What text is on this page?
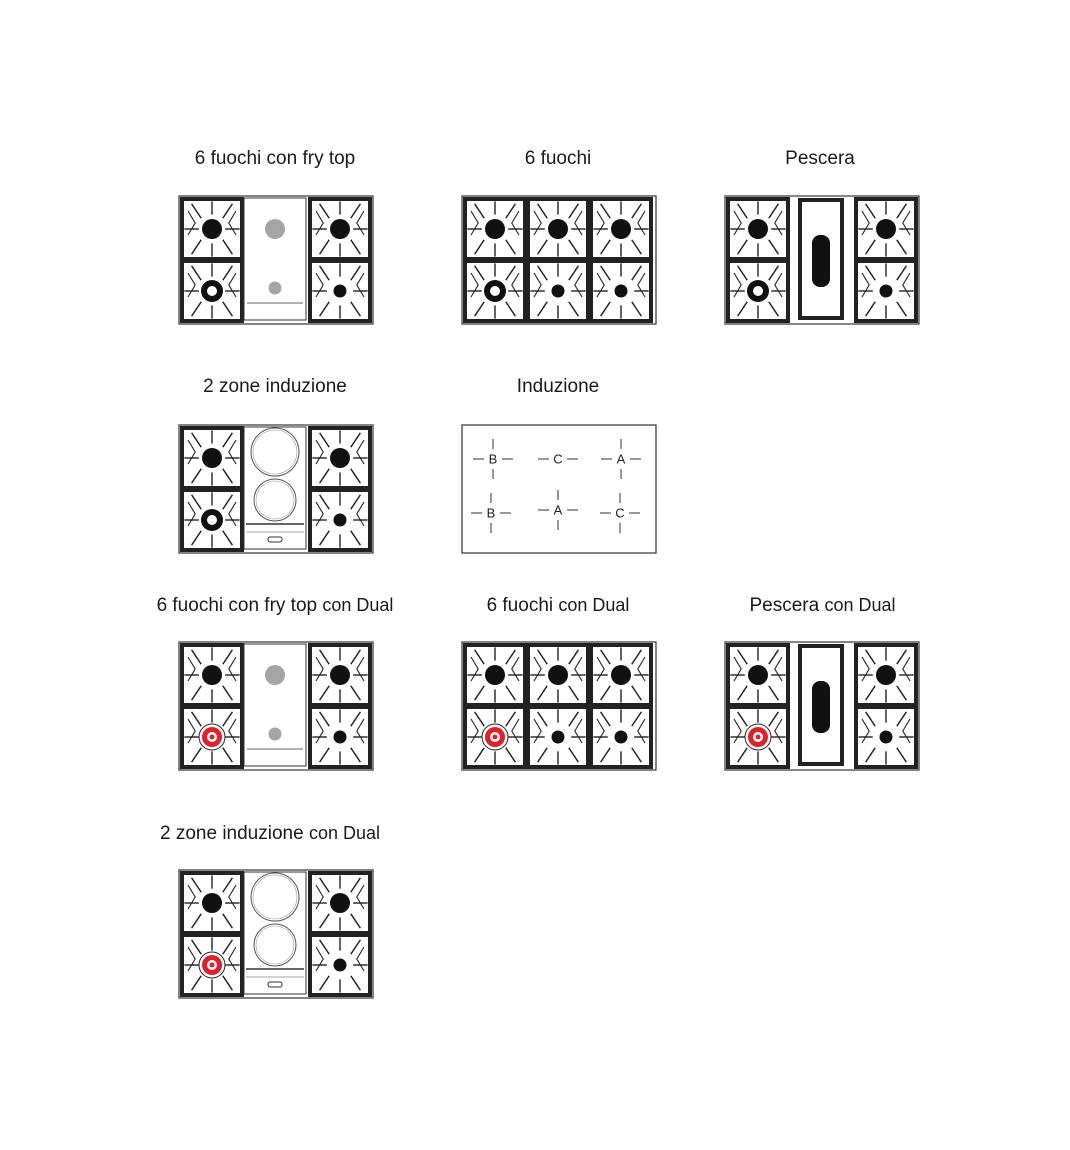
6 fuochi con fry top	6 fuochi	Pescera
2 zone induzione	Induzione
B	C	A
B	A	C
6 fuochi con fry top con Dual	6 fuochi con Dual	Pescera con Dual
2 zone induzione con Dual
